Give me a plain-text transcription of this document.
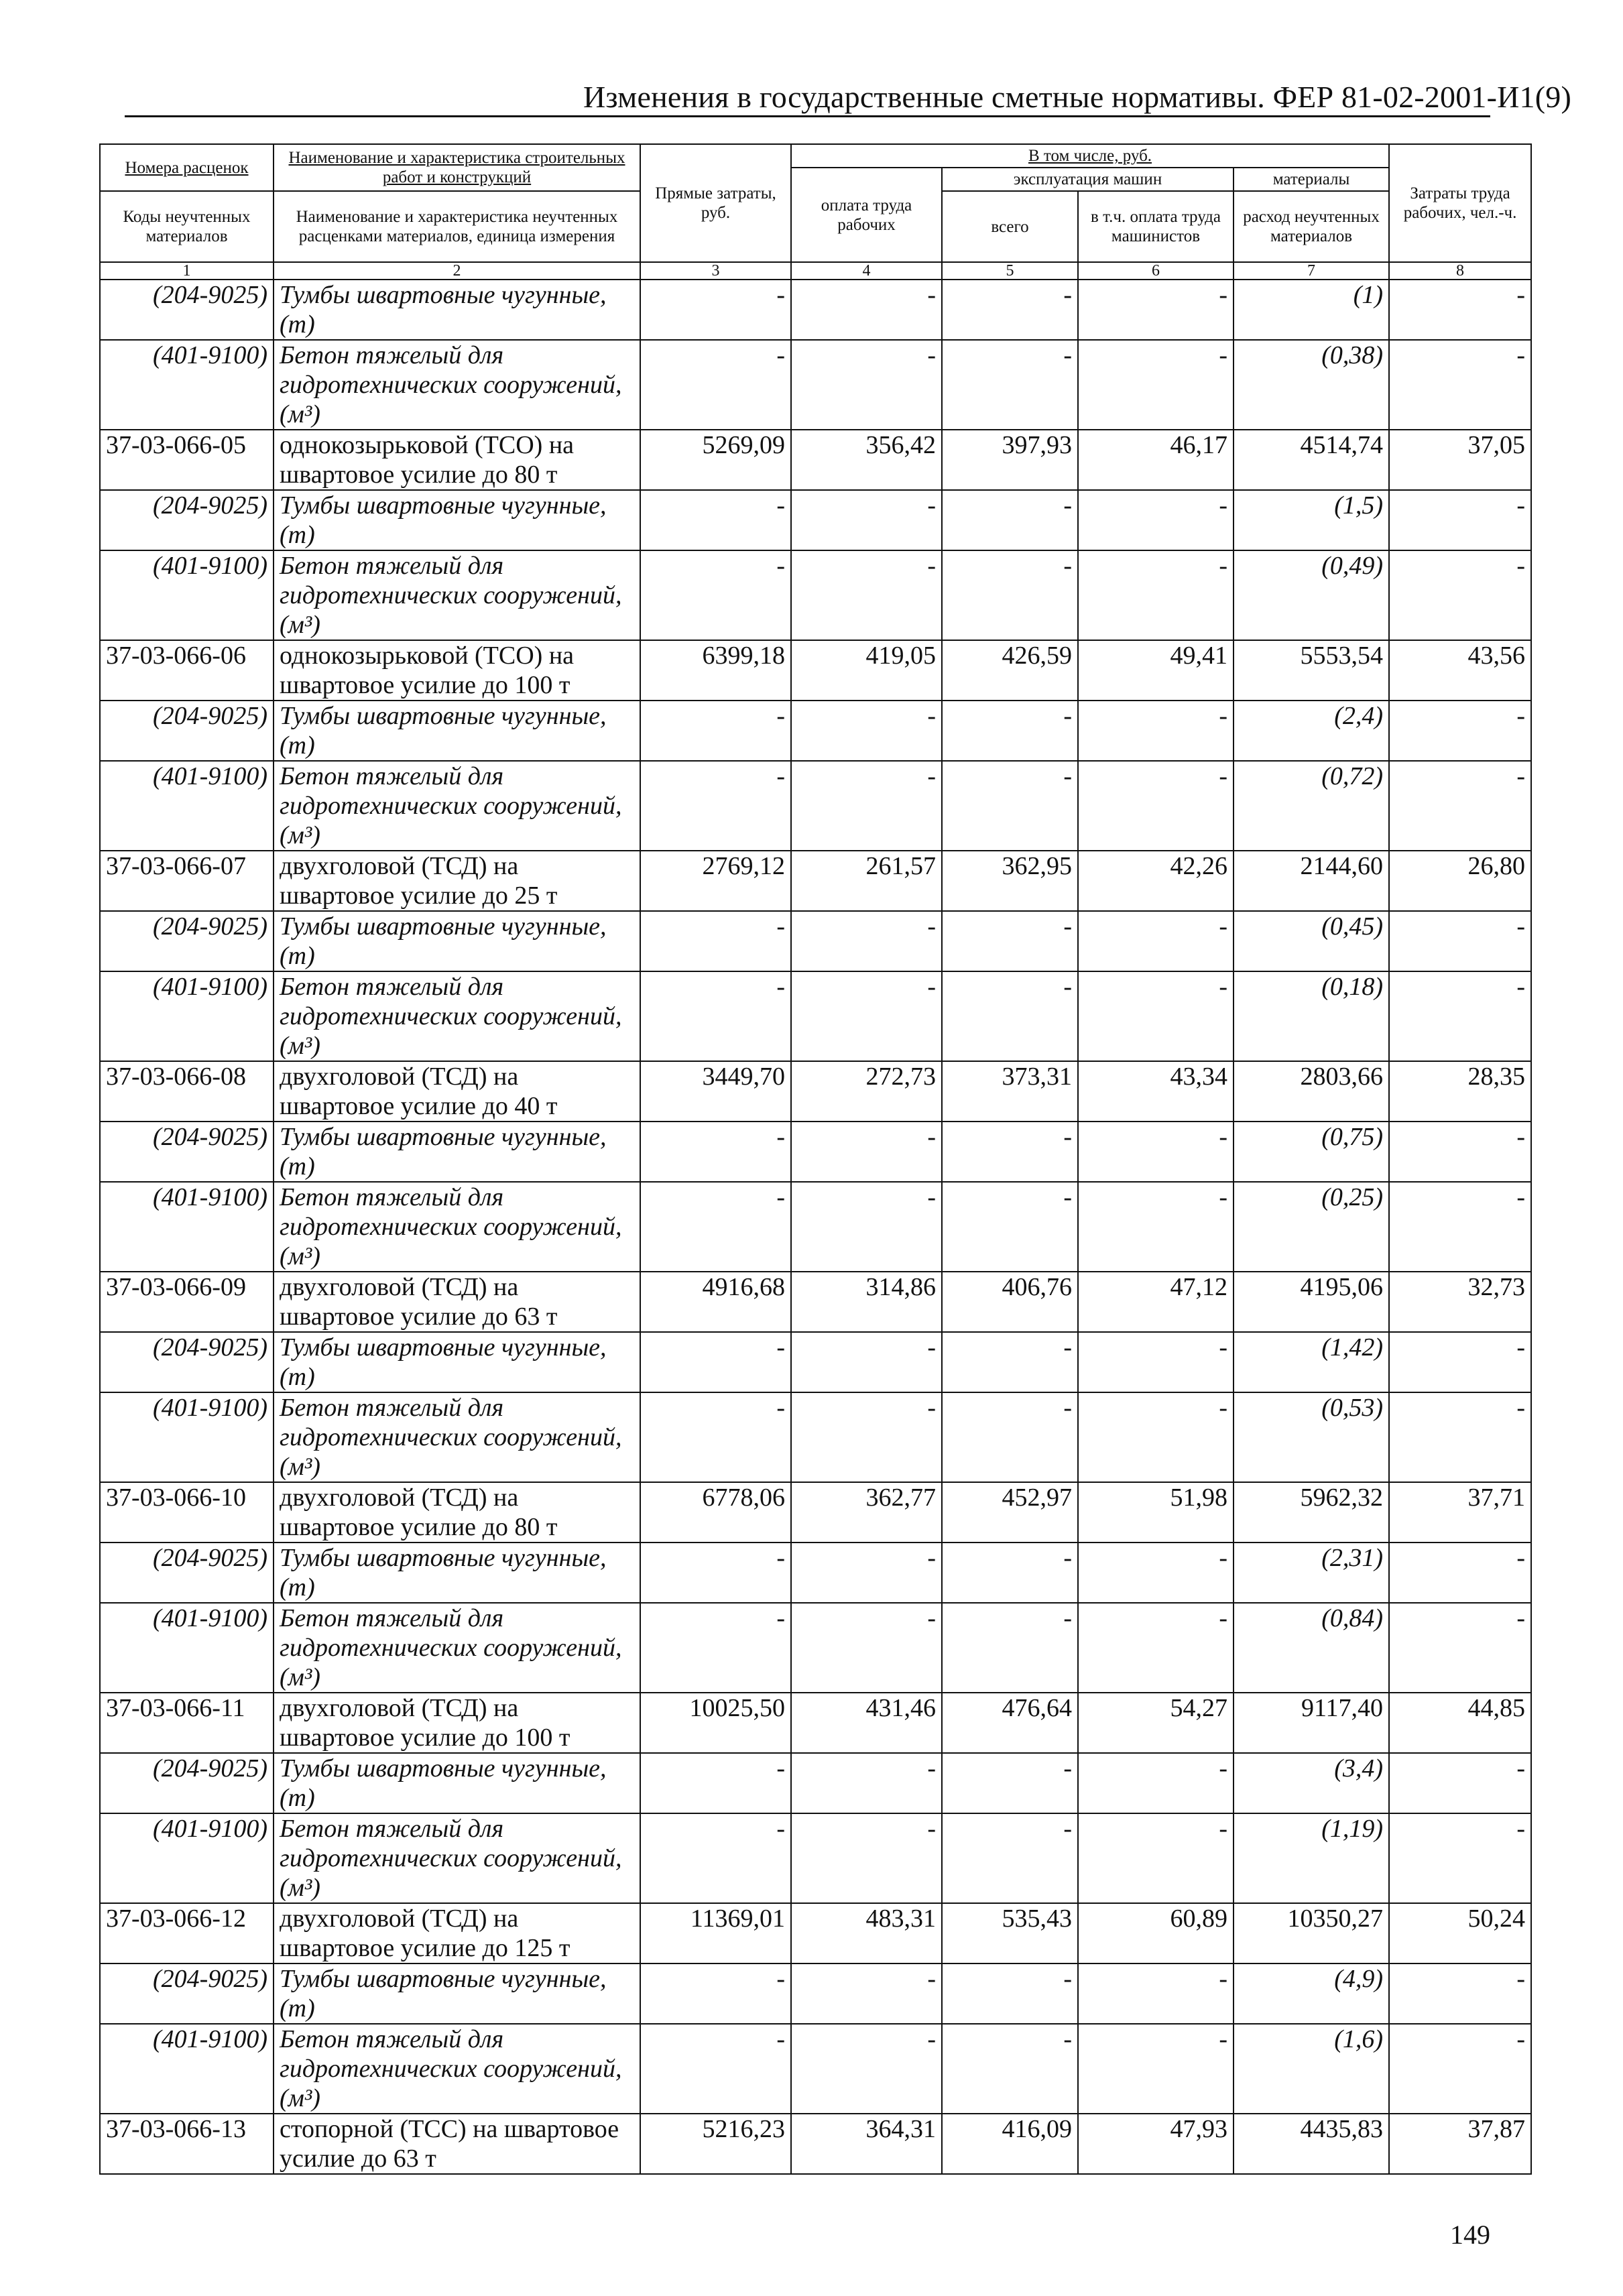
Изменения в государственные сметные нормативы. ФЕР 81-02-2001-И1(9)
Номера расценок	Наименование и характеристика строительных работ и конструкций	Прямые затраты, руб.	В том числе, руб.				Затраты труда рабочих, чел.-ч.
			оплата труда рабочих	эксплуатация машин		материалы	
Коды неучтенных материалов	Наименование и характеристика неучтенных расценками материалов, единица измерения			всего	в т.ч. оплата труда машинистов	расход неучтенных материалов	
1	2	3	4	5	6	7	8
(204-9025)	Тумбы швартовные чугунные, (т)	-	-	-	-	(1)	-
(401-9100)	Бетон тяжелый для гидротехнических сооружений, (м³)	-	-	-	-	(0,38)	-
37-03-066-05	однокозырьковой (ТСО) на швартовое усилие до 80 т	5269,09	356,42	397,93	46,17	4514,74	37,05
(204-9025)	Тумбы швартовные чугунные, (т)	-	-	-	-	(1,5)	-
(401-9100)	Бетон тяжелый для гидротехнических сооружений, (м³)	-	-	-	-	(0,49)	-
37-03-066-06	однокозырьковой (ТСО) на швартовое усилие до 100 т	6399,18	419,05	426,59	49,41	5553,54	43,56
(204-9025)	Тумбы швартовные чугунные, (т)	-	-	-	-	(2,4)	-
(401-9100)	Бетон тяжелый для гидротехнических сооружений, (м³)	-	-	-	-	(0,72)	-
37-03-066-07	двухголовой (ТСД) на швартовое усилие до 25 т	2769,12	261,57	362,95	42,26	2144,60	26,80
(204-9025)	Тумбы швартовные чугунные, (т)	-	-	-	-	(0,45)	-
(401-9100)	Бетон тяжелый для гидротехнических сооружений, (м³)	-	-	-	-	(0,18)	-
37-03-066-08	двухголовой (ТСД) на швартовое усилие до 40 т	3449,70	272,73	373,31	43,34	2803,66	28,35
(204-9025)	Тумбы швартовные чугунные, (т)	-	-	-	-	(0,75)	-
(401-9100)	Бетон тяжелый для гидротехнических сооружений, (м³)	-	-	-	-	(0,25)	-
37-03-066-09	двухголовой (ТСД) на швартовое усилие до 63 т	4916,68	314,86	406,76	47,12	4195,06	32,73
(204-9025)	Тумбы швартовные чугунные, (т)	-	-	-	-	(1,42)	-
(401-9100)	Бетон тяжелый для гидротехнических сооружений, (м³)	-	-	-	-	(0,53)	-
37-03-066-10	двухголовой (ТСД) на швартовое усилие до 80 т	6778,06	362,77	452,97	51,98	5962,32	37,71
(204-9025)	Тумбы швартовные чугунные, (т)	-	-	-	-	(2,31)	-
(401-9100)	Бетон тяжелый для гидротехнических сооружений, (м³)	-	-	-	-	(0,84)	-
37-03-066-11	двухголовой (ТСД) на швартовое усилие до 100 т	10025,50	431,46	476,64	54,27	9117,40	44,85
(204-9025)	Тумбы швартовные чугунные, (т)	-	-	-	-	(3,4)	-
(401-9100)	Бетон тяжелый для гидротехнических сооружений, (м³)	-	-	-	-	(1,19)	-
37-03-066-12	двухголовой (ТСД) на швартовое усилие до 125 т	11369,01	483,31	535,43	60,89	10350,27	50,24
(204-9025)	Тумбы швартовные чугунные, (т)	-	-	-	-	(4,9)	-
(401-9100)	Бетон тяжелый для гидротехнических сооружений, (м³)	-	-	-	-	(1,6)	-
37-03-066-13	стопорной (ТСС) на швартовое усилие до 63 т	5216,23	364,31	416,09	47,93	4435,83	37,87
149
